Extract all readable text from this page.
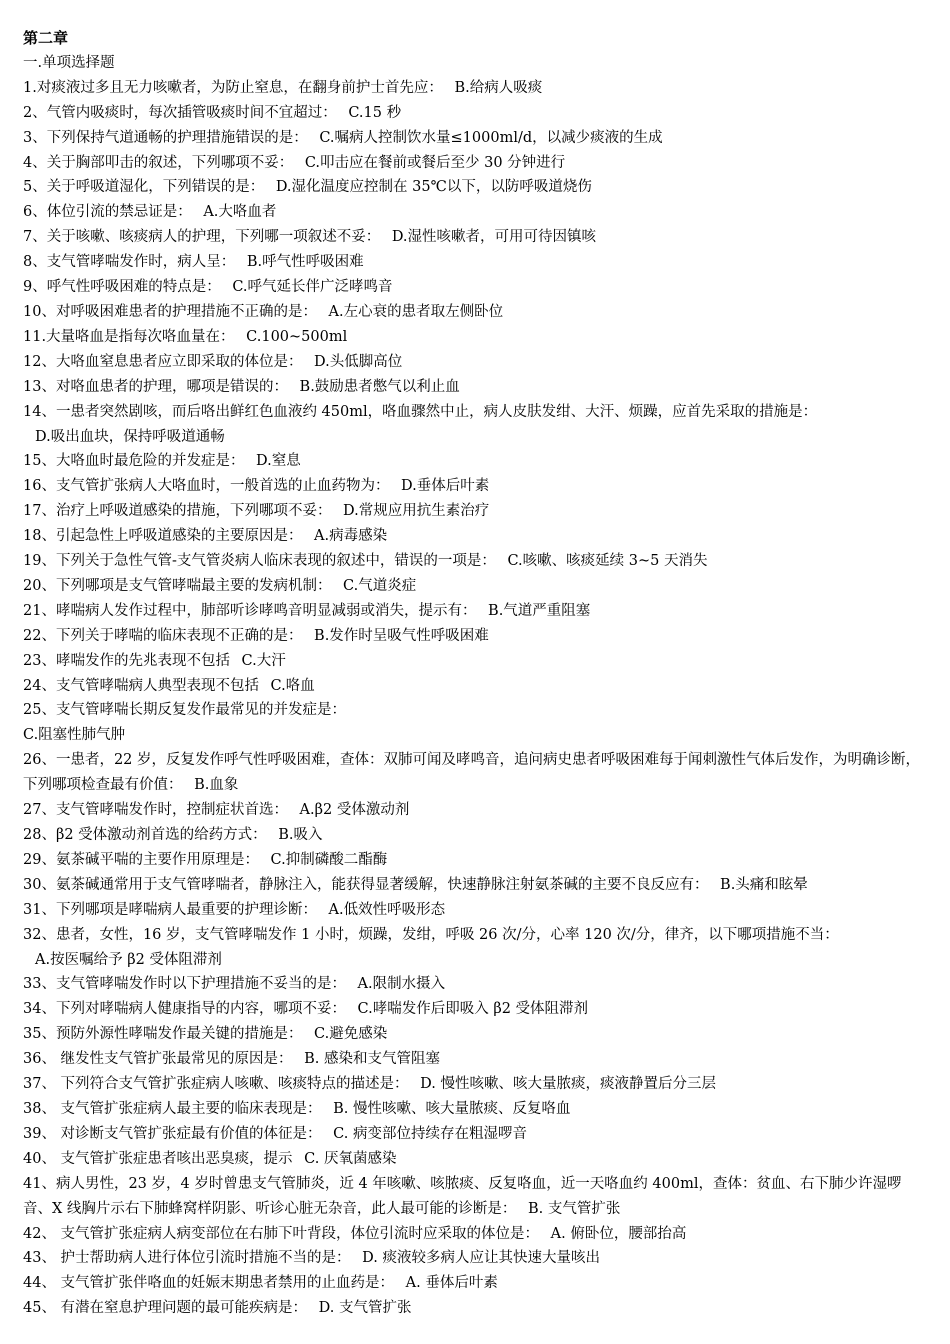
第二章
一.单项选择题
1.对痰液过多且无力咳嗽者，为防止窒息，在翻身前护士首先应： B.给病人吸痰
2、气管内吸痰时，每次插管吸痰时间不宜超过： C.15 秒
3、下列保持气道通畅的护理措施错误的是： C.嘱病人控制饮水量≤1000ml/d，以减少痰液的生成
4、关于胸部叩击的叙述，下列哪项不妥： C.叩击应在餐前或餐后至少 30 分钟进行
5、关于呼吸道湿化，下列错误的是： D.湿化温度应控制在 35℃以下，以防呼吸道烧伤
6、体位引流的禁忌证是： A.大咯血者
7、关于咳嗽、咳痰病人的护理，下列哪一项叙述不妥： D.湿性咳嗽者，可用可待因镇咳
8、支气管哮喘发作时，病人呈： B.呼气性呼吸困难
9、呼气性呼吸困难的特点是： C.呼气延长伴广泛哮鸣音
10、对呼吸困难患者的护理措施不正确的是： A.左心衰的患者取左侧卧位
11.大量咯血是指每次咯血量在： C.100~500ml
12、大咯血窒息患者应立即采取的体位是： D.头低脚高位
13、对咯血患者的护理，哪项是错误的： B.鼓励患者憋气以利止血
14、一患者突然剧咳，而后咯出鲜红色血液约 450ml，咯血骤然中止，病人皮肤发绀、大汗、烦躁，应首先采取的措施是：
D.吸出血块，保持呼吸道通畅
15、大咯血时最危险的并发症是： D.窒息
16、支气管扩张病人大咯血时，一般首选的止血药物为： D.垂体后叶素
17、治疗上呼吸道感染的措施，下列哪项不妥： D.常规应用抗生素治疗
18、引起急性上呼吸道感染的主要原因是： A.病毒感染
19、下列关于急性气管-支气管炎病人临床表现的叙述中，错误的一项是： C.咳嗽、咳痰延续 3~5 天消失
20、下列哪项是支气管哮喘最主要的发病机制： C.气道炎症
21、哮喘病人发作过程中，肺部听诊哮鸣音明显减弱或消失，提示有： B.气道严重阻塞
22、下列关于哮喘的临床表现不正确的是： B.发作时呈吸气性呼吸困难
23、哮喘发作的先兆表现不包括 C.大汗
24、支气管哮喘病人典型表现不包括 C.咯血
25、支气管哮喘长期反复发作最常见的并发症是：
C.阻塞性肺气肿
26、一患者，22 岁，反复发作呼气性呼吸困难，查体：双肺可闻及哮鸣音，追问病史患者呼吸困难每于闻刺激性气体后发作，为明确诊断，下列哪项检查最有价值： B.血象
27、支气管哮喘发作时，控制症状首选： A.β2 受体激动剂
28、β2 受体激动剂首选的给药方式： B.吸入
29、氨茶碱平喘的主要作用原理是： C.抑制磷酸二酯酶
30、氨茶碱通常用于支气管哮喘者，静脉注入，能获得显著缓解，快速静脉注射氨茶碱的主要不良反应有： B.头痛和眩晕
31、下列哪项是哮喘病人最重要的护理诊断： A.低效性呼吸形态
32、患者，女性，16 岁，支气管哮喘发作 1 小时，烦躁，发绀，呼吸 26 次/分，心率 120 次/分，律齐，以下哪项措施不当：
A.按医嘱给予 β2 受体阻滞剂
33、支气管哮喘发作时以下护理措施不妥当的是： A.限制水摄入
34、下列对哮喘病人健康指导的内容，哪项不妥： C.哮喘发作后即吸入 β2 受体阻滞剂
35、预防外源性哮喘发作最关键的措施是： C.避免感染
36、 继发性支气管扩张最常见的原因是： B. 感染和支气管阻塞
37、 下列符合支气管扩张症病人咳嗽、咳痰特点的描述是： D. 慢性咳嗽、咳大量脓痰，痰液静置后分三层
38、 支气管扩张症病人最主要的临床表现是： B. 慢性咳嗽、咳大量脓痰、反复咯血
39、 对诊断支气管扩张症最有价值的体征是： C. 病变部位持续存在粗湿啰音
40、 支气管扩张症患者咳出恶臭痰，提示 C. 厌氧菌感染
41、病人男性，23 岁，4 岁时曾患支气管肺炎，近 4 年咳嗽、咳脓痰、反复咯血，近一天咯血约 400ml，查体：贫血、右下肺少许湿啰音、X 线胸片示右下肺蜂窝样阴影、听诊心脏无杂音，此人最可能的诊断是： B. 支气管扩张
42、 支气管扩张症病人病变部位在右肺下叶背段，体位引流时应采取的体位是： A. 俯卧位，腰部抬高
43、 护士帮助病人进行体位引流时措施不当的是： D. 痰液较多病人应让其快速大量咳出
44、 支气管扩张伴咯血的妊娠末期患者禁用的止血药是： A. 垂体后叶素
45、 有潜在窒息护理问题的最可能疾病是： D. 支气管扩张
